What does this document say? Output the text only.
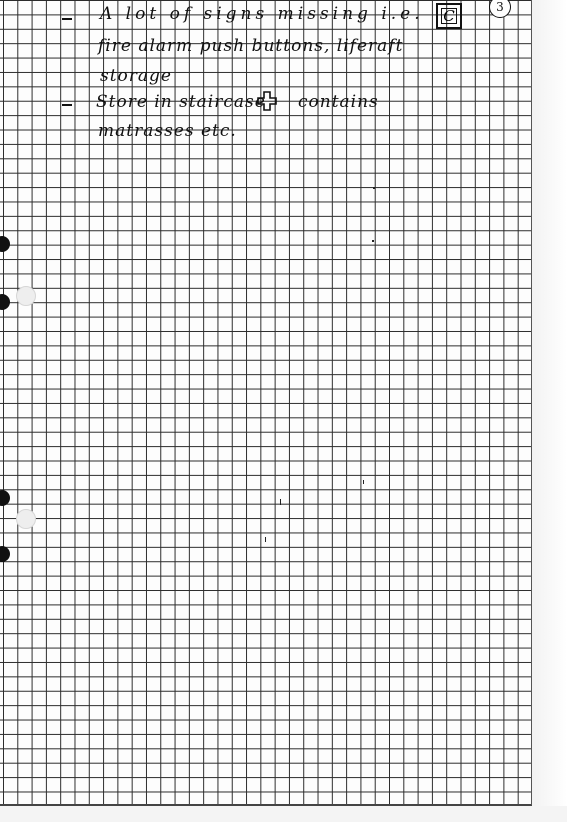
C	3
A lot of signs missing i.e.
fire alarm push buttons, liferaft
storage
Store in staircase contains
matrasses etc.
